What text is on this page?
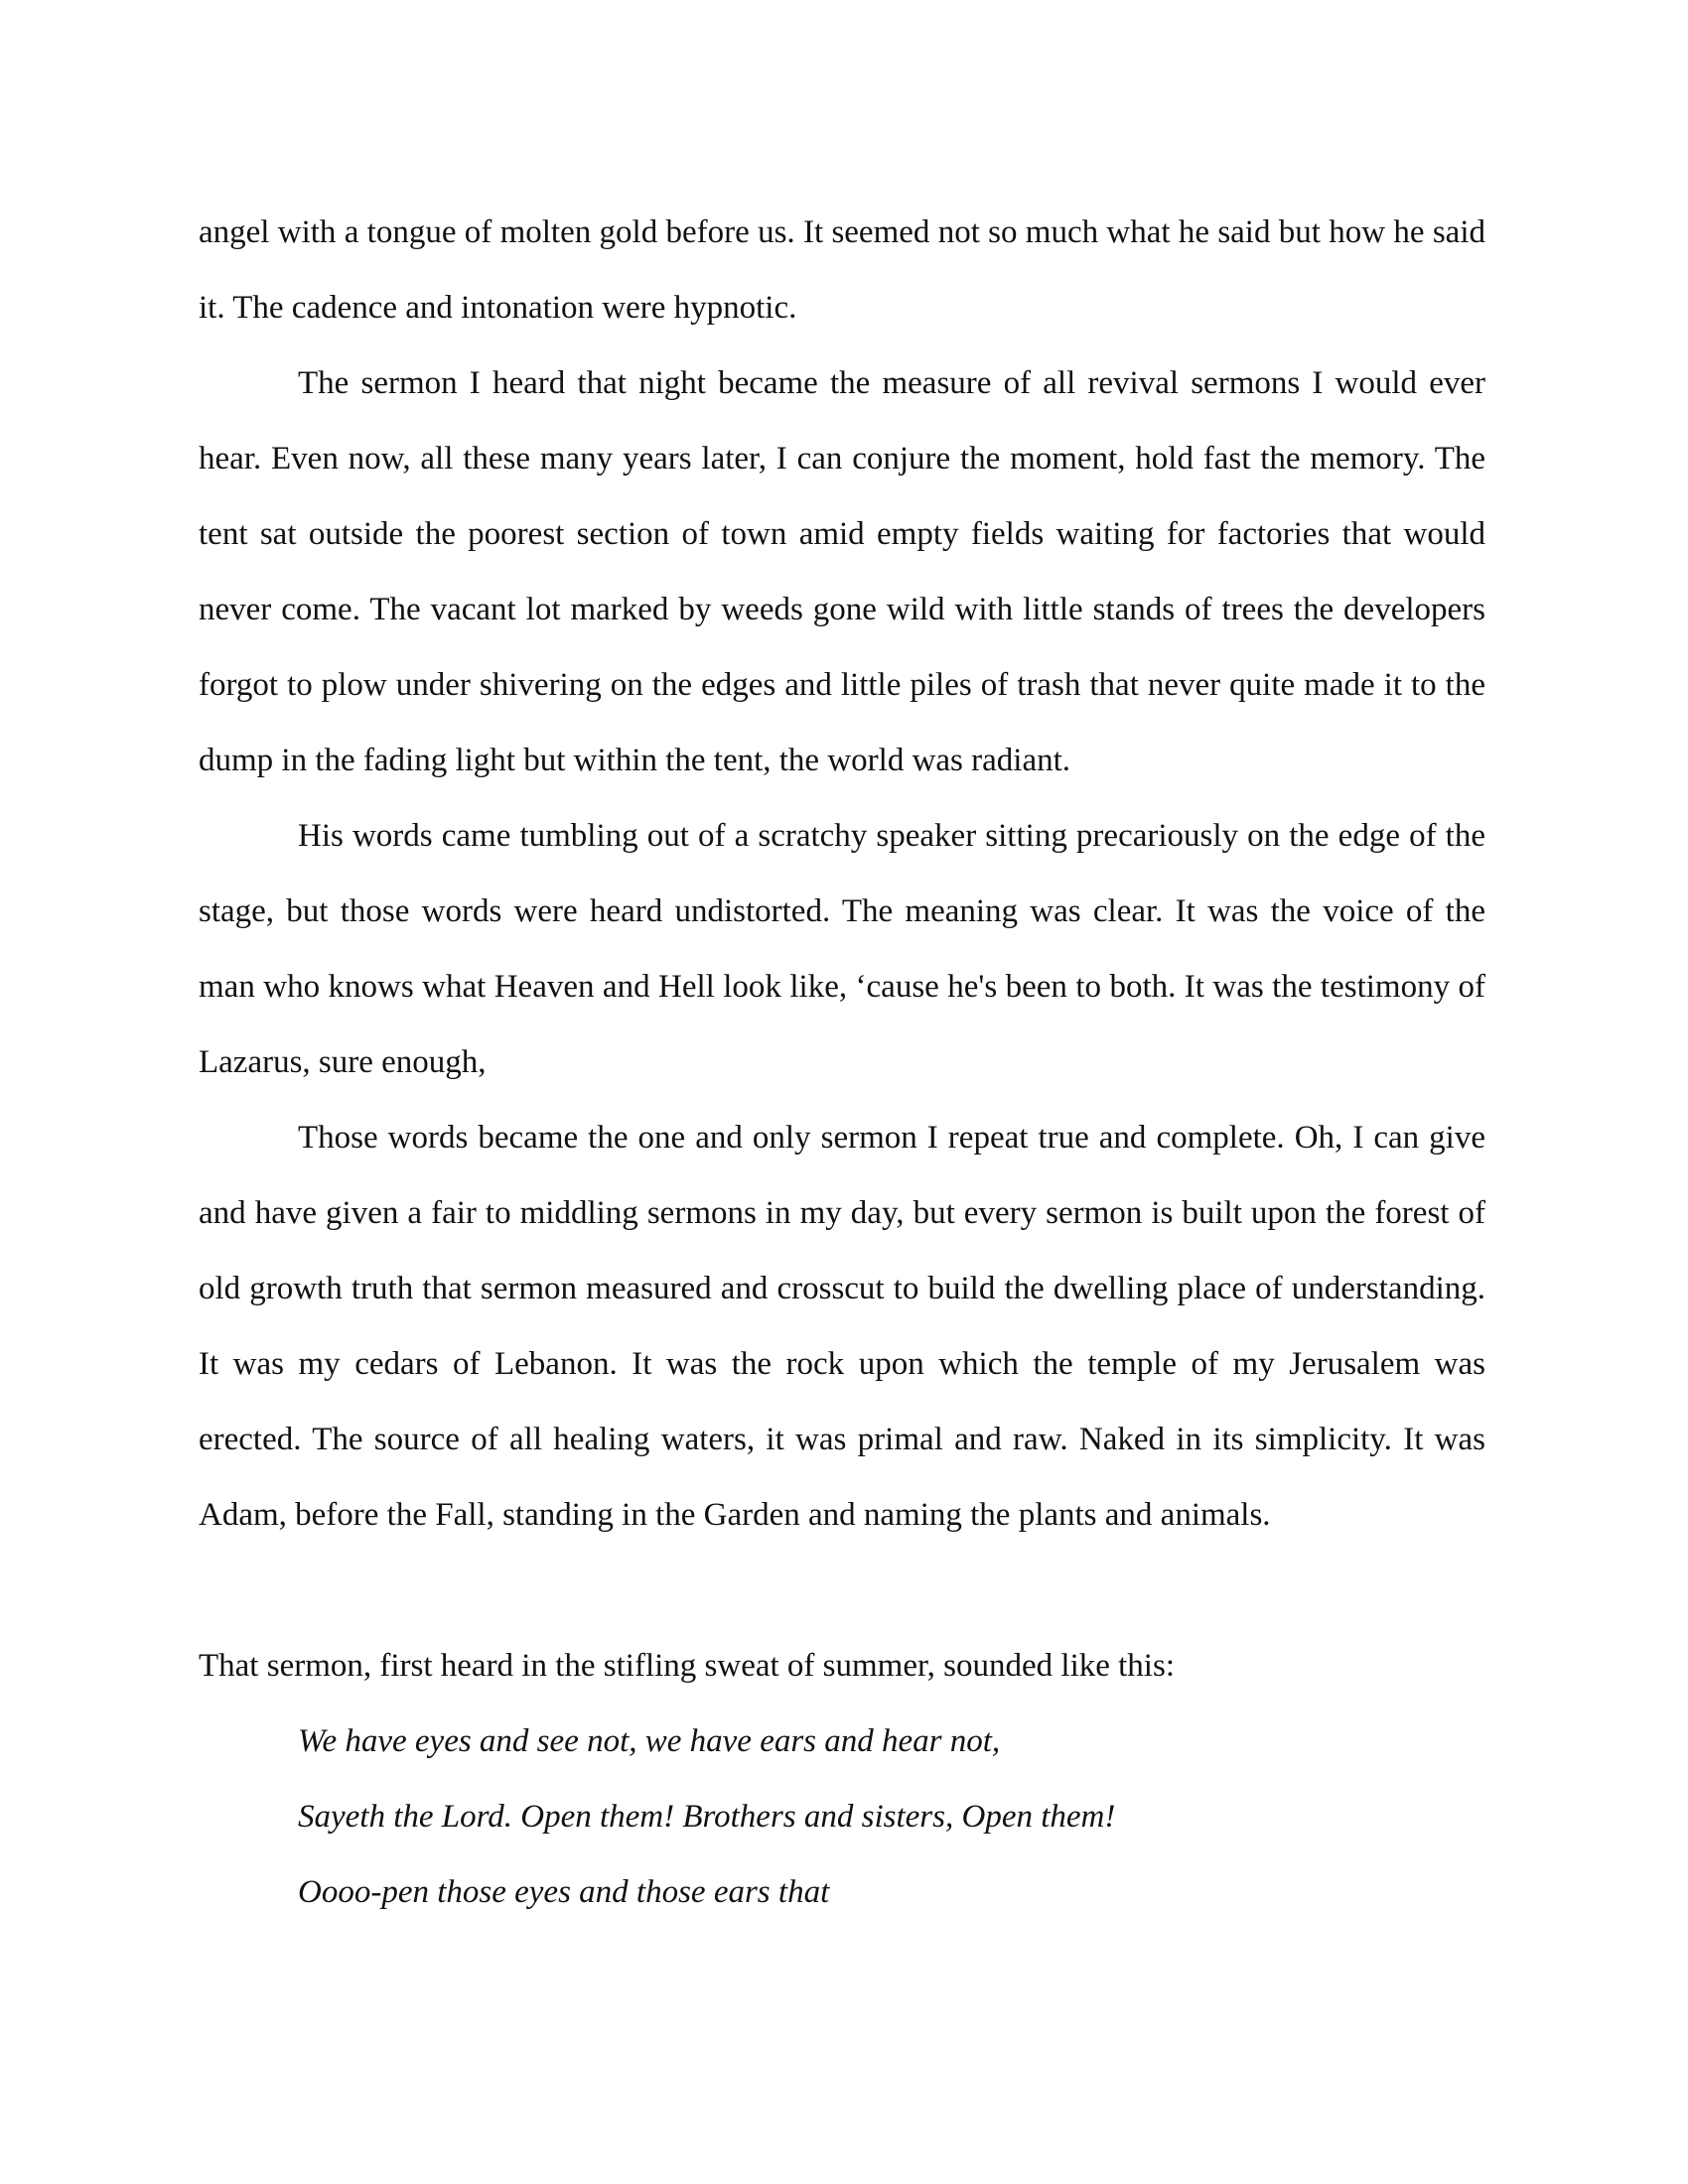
angel with a tongue of molten gold before us. It seemed not so much what he said but how he said it. The cadence and intonation were hypnotic.

The sermon I heard that night became the measure of all revival sermons I would ever hear. Even now, all these many years later, I can conjure the moment, hold fast the memory. The tent sat outside the poorest section of town amid empty fields waiting for factories that would never come. The vacant lot marked by weeds gone wild with little stands of trees the developers forgot to plow under shivering on the edges and little piles of trash that never quite made it to the dump in the fading light but within the tent, the world was radiant.

His words came tumbling out of a scratchy speaker sitting precariously on the edge of the stage, but those words were heard undistorted. The meaning was clear. It was the voice of the man who knows what Heaven and Hell look like, ‘cause he's been to both. It was the testimony of Lazarus, sure enough,

Those words became the one and only sermon I repeat true and complete. Oh, I can give and have given a fair to middling sermons in my day, but every sermon is built upon the forest of old growth truth that sermon measured and crosscut to build the dwelling place of understanding. It was my cedars of Lebanon. It was the rock upon which the temple of my Jerusalem was erected. The source of all healing waters, it was primal and raw. Naked in its simplicity. It was Adam, before the Fall, standing in the Garden and naming the plants and animals.

That sermon, first heard in the stifling sweat of summer, sounded like this:

We have eyes and see not, we have ears and hear not,

Sayeth the Lord. Open them! Brothers and sisters, Open them!

Oooo-pen those eyes and those ears that
